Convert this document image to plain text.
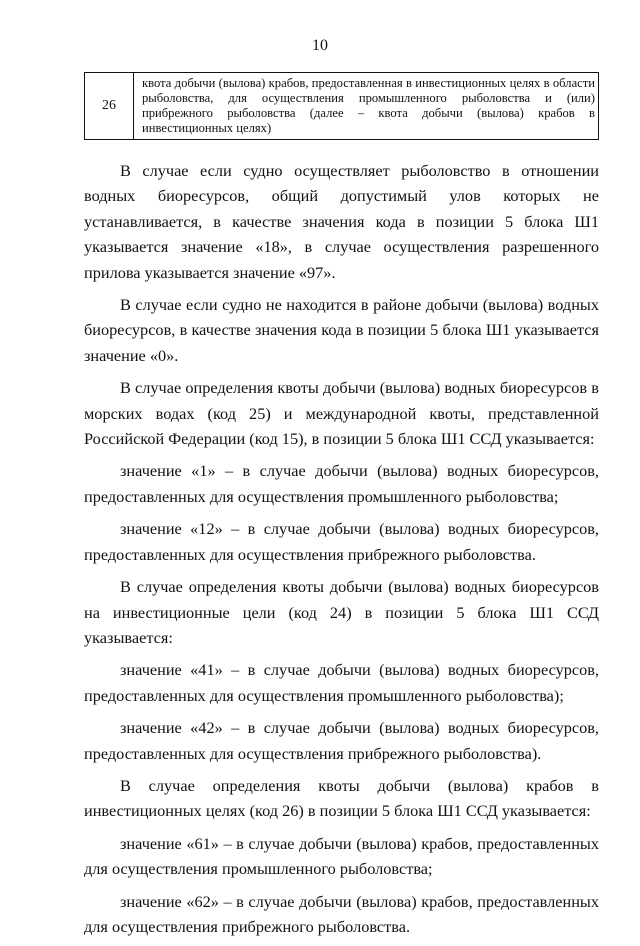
10
26	квота добычи (вылова) крабов, предоставленная в инвестиционных целях в области рыболовства, для осуществления промышленного рыболовства и (или) прибрежного рыболовства (далее – квота добычи (вылова) крабов в инвестиционных целях)

В случае если судно осуществляет рыболовство в отношении водных биоресурсов, общий допустимый улов которых не устанавливается, в качестве значения кода в позиции 5 блока Ш1 указывается значение «18», в случае осуществления разрешенного прилова указывается значение «97».

В случае если судно не находится в районе добычи (вылова) водных биоресурсов, в качестве значения кода в позиции 5 блока Ш1 указывается значение «0».

В случае определения квоты добычи (вылова) водных биоресурсов в морских водах (код 25) и международной квоты, представленной Российской Федерации (код 15), в позиции 5 блока Ш1 ССД указывается:

значение «1» – в случае добычи (вылова) водных биоресурсов, предоставленных для осуществления промышленного рыболовства;

значение «12» – в случае добычи (вылова) водных биоресурсов, предоставленных для осуществления прибрежного рыболовства.

В случае определения квоты добычи (вылова) водных биоресурсов на инвестиционные цели (код 24) в позиции 5 блока Ш1 ССД указывается:

значение «41» – в случае добычи (вылова) водных биоресурсов, предоставленных для осуществления промышленного рыболовства);

значение «42» – в случае добычи (вылова) водных биоресурсов, предоставленных для осуществления прибрежного рыболовства).

В случае определения квоты добычи (вылова) крабов в инвестиционных целях (код 26) в позиции 5 блока Ш1 ССД указывается:

значение «61» – в случае добычи (вылова) крабов, предоставленных для осуществления промышленного рыболовства;

значение «62» – в случае добычи (вылова) крабов, предоставленных для осуществления прибрежного рыболовства.
